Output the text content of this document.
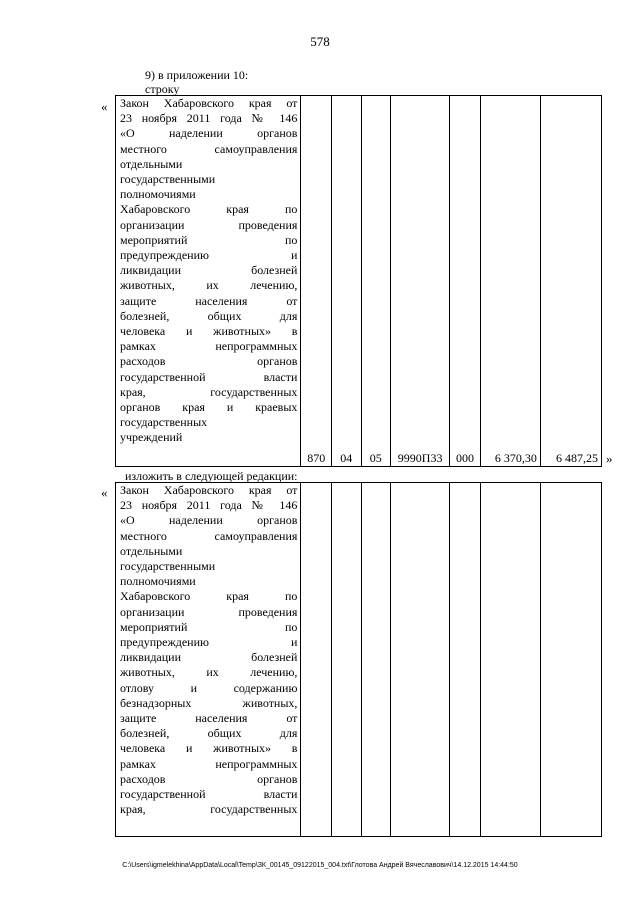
578
9) в приложении 10:
строку
« Закон Хабаровского края от
23 ноября 2011 года № 146
«О наделении органов
местного самоуправления
отдельными
государственными
полномочиями
Хабаровского края по
организации проведения
мероприятий по
предупреждению и
ликвидации болезней
животных, их лечению,
защите населения от
болезней, общих для
человека и животных» в
рамках непрограммных
расходов органов
государственной власти
края, государственных
органов края и краевых
государственных
учреждений
	870	04	05	9990П33	000	6 370,30	6 487,25 »
изложить в следующей редакции:
« Закон Хабаровского края от
23 ноября 2011 года № 146
«О наделении органов
местного самоуправления
отдельными
государственными
полномочиями
Хабаровского края по
организации проведения
мероприятий по
предупреждению и
ликвидации болезней
животных, их лечению,
отлову и содержанию
безнадзорных животных,
защите населения от
болезней, общих для
человека и животных» в
рамках непрограммных
расходов органов
государственной власти
края, государственных

C:\Users\igmelekhina\AppData\Local\Temp\ЗК_00145_09122015_004.txt\Глотова Андрей Вячеславович\14.12.2015 14:44:50
